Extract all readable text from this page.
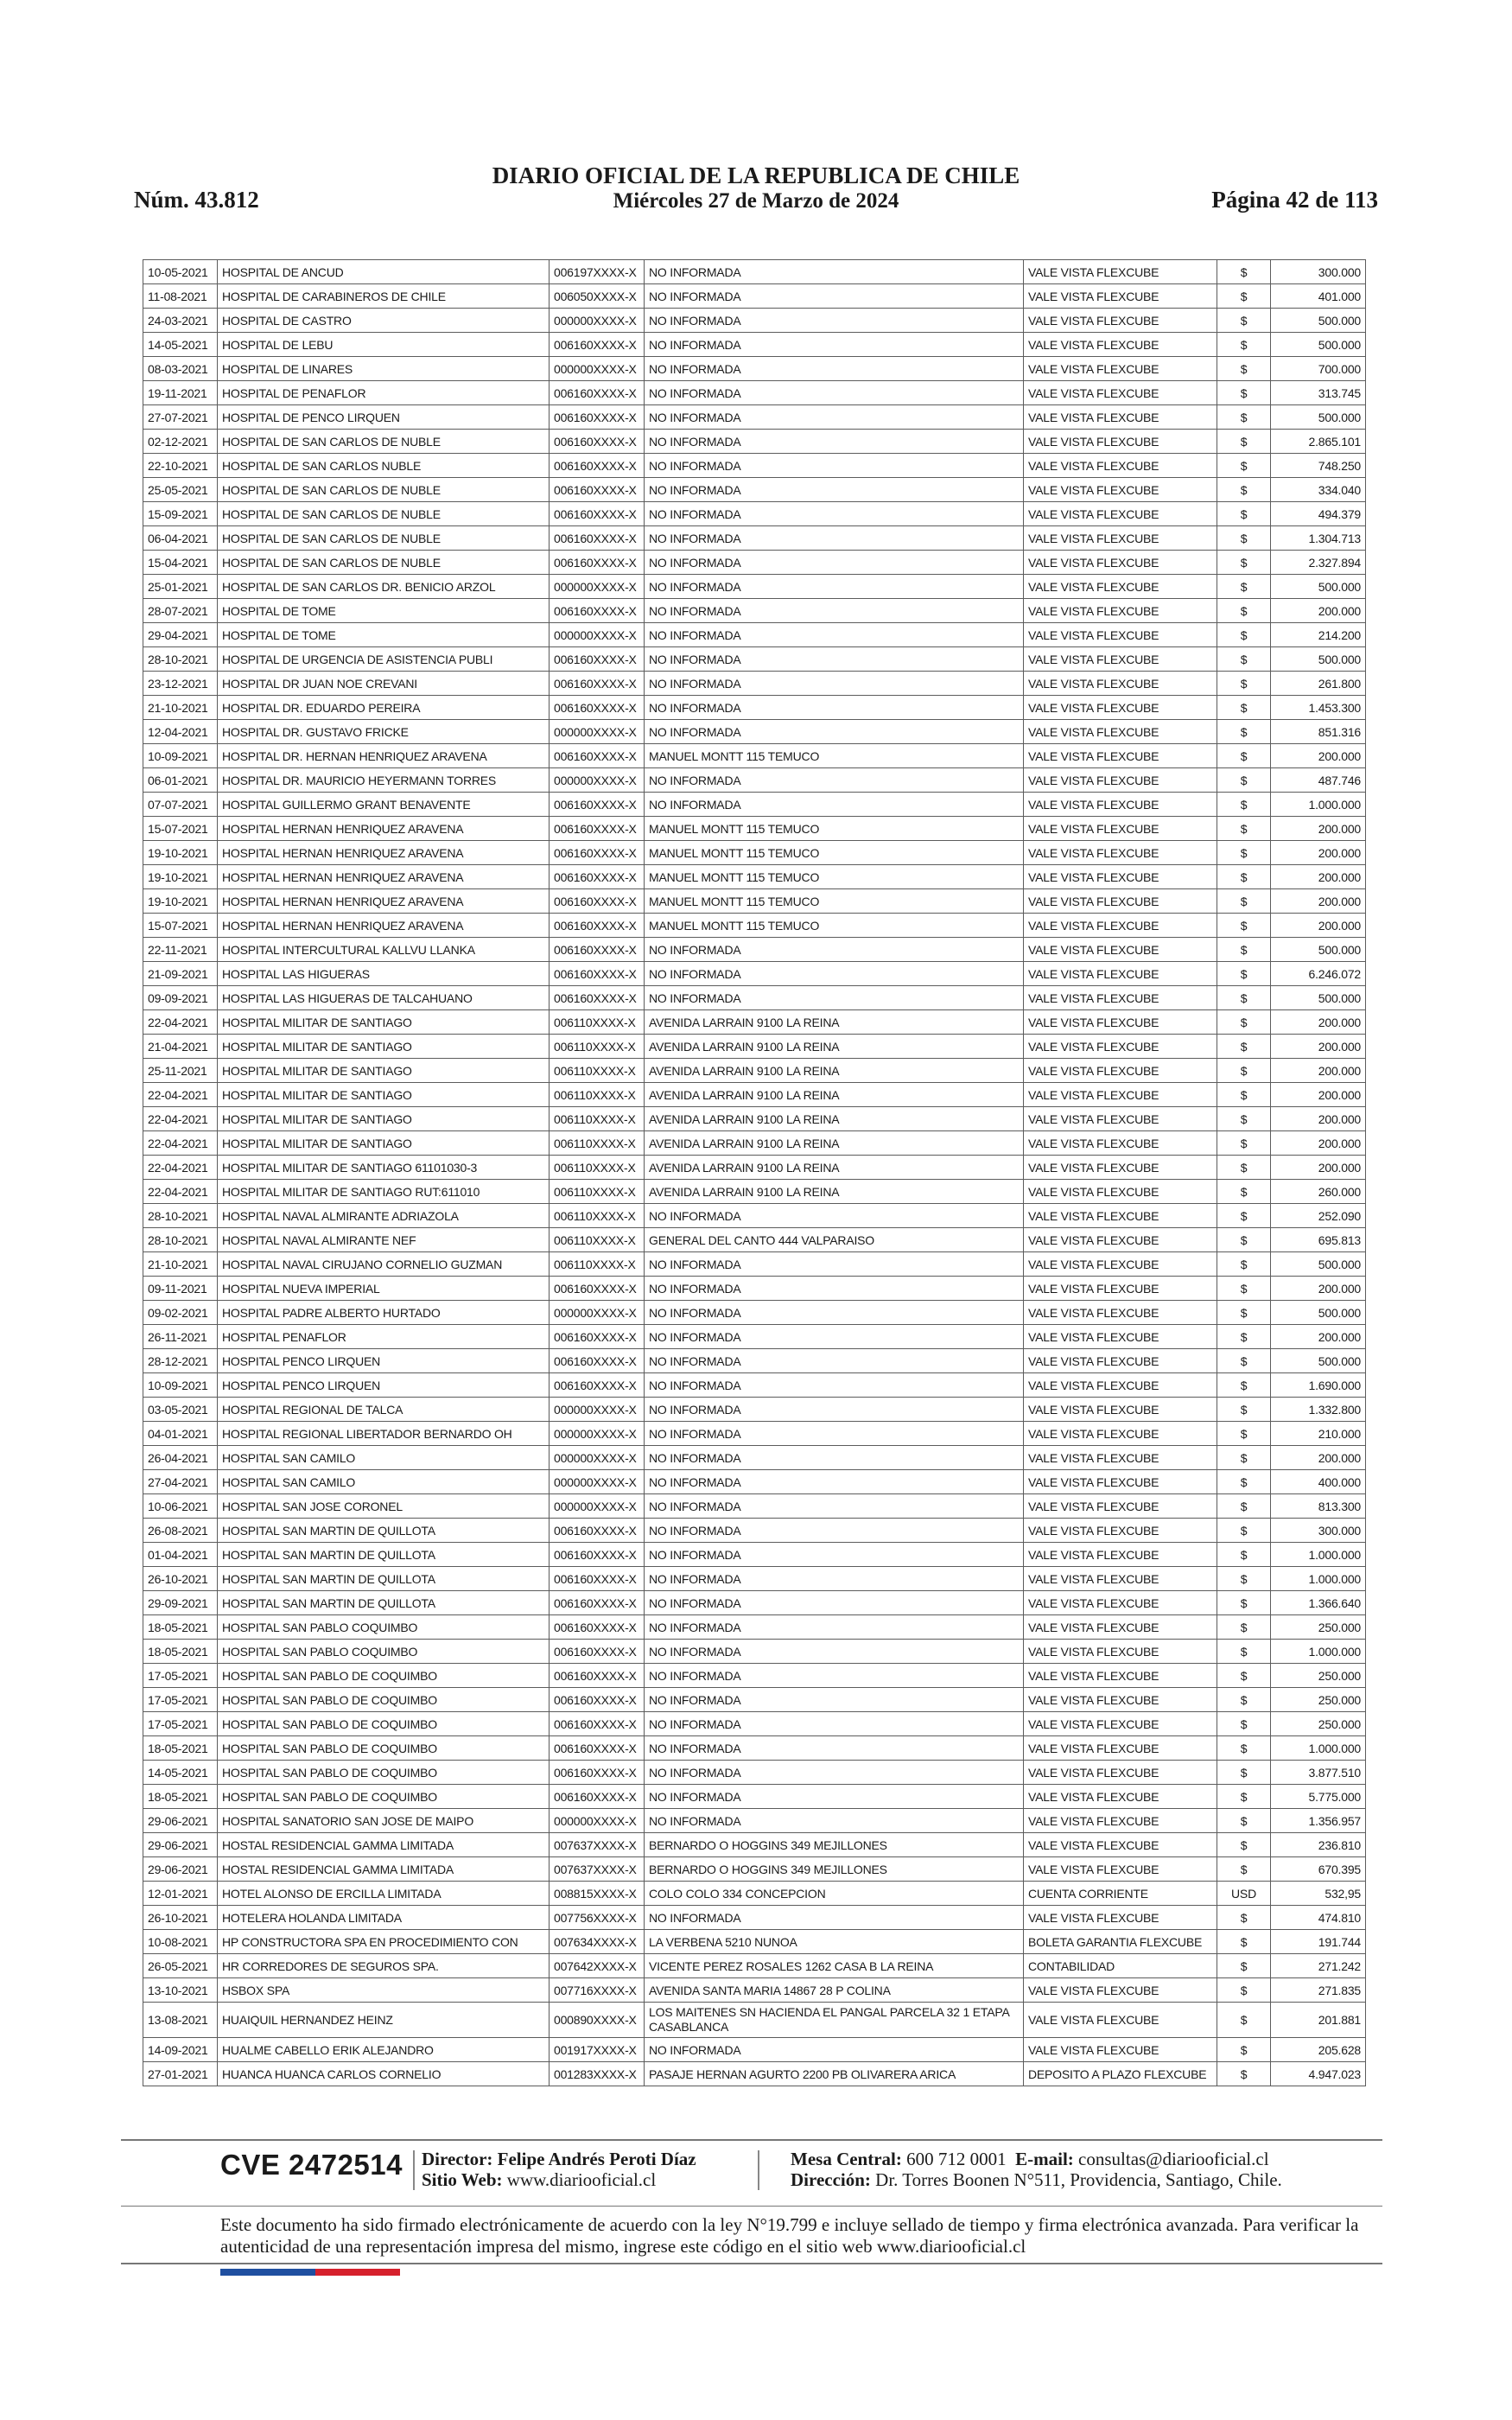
Núm. 43.812
DIARIO OFICIAL DE LA REPUBLICA DE CHILE
Miércoles 27 de Marzo de 2024	Página 42 de 113
10-05-2021	HOSPITAL DE ANCUD	006197XXXX-X	NO INFORMADA	VALE VISTA FLEXCUBE	$	300.000
11-08-2021	HOSPITAL DE CARABINEROS DE CHILE	006050XXXX-X	NO INFORMADA	VALE VISTA FLEXCUBE	$	401.000
24-03-2021	HOSPITAL DE CASTRO	000000XXXX-X	NO INFORMADA	VALE VISTA FLEXCUBE	$	500.000
14-05-2021	HOSPITAL DE LEBU	006160XXXX-X	NO INFORMADA	VALE VISTA FLEXCUBE	$	500.000
08-03-2021	HOSPITAL DE LINARES	000000XXXX-X	NO INFORMADA	VALE VISTA FLEXCUBE	$	700.000
19-11-2021	HOSPITAL DE PENAFLOR	006160XXXX-X	NO INFORMADA	VALE VISTA FLEXCUBE	$	313.745
27-07-2021	HOSPITAL DE PENCO LIRQUEN	006160XXXX-X	NO INFORMADA	VALE VISTA FLEXCUBE	$	500.000
02-12-2021	HOSPITAL DE SAN CARLOS DE NUBLE	006160XXXX-X	NO INFORMADA	VALE VISTA FLEXCUBE	$	2.865.101
22-10-2021	HOSPITAL DE SAN CARLOS NUBLE	006160XXXX-X	NO INFORMADA	VALE VISTA FLEXCUBE	$	748.250
25-05-2021	HOSPITAL DE SAN CARLOS DE NUBLE	006160XXXX-X	NO INFORMADA	VALE VISTA FLEXCUBE	$	334.040
15-09-2021	HOSPITAL DE SAN CARLOS DE NUBLE	006160XXXX-X	NO INFORMADA	VALE VISTA FLEXCUBE	$	494.379
06-04-2021	HOSPITAL DE SAN CARLOS DE NUBLE	006160XXXX-X	NO INFORMADA	VALE VISTA FLEXCUBE	$	1.304.713
15-04-2021	HOSPITAL DE SAN CARLOS DE NUBLE	006160XXXX-X	NO INFORMADA	VALE VISTA FLEXCUBE	$	2.327.894
25-01-2021	HOSPITAL DE SAN CARLOS DR. BENICIO ARZOL	000000XXXX-X	NO INFORMADA	VALE VISTA FLEXCUBE	$	500.000
28-07-2021	HOSPITAL DE TOME	006160XXXX-X	NO INFORMADA	VALE VISTA FLEXCUBE	$	200.000
29-04-2021	HOSPITAL DE TOME	000000XXXX-X	NO INFORMADA	VALE VISTA FLEXCUBE	$	214.200
28-10-2021	HOSPITAL DE URGENCIA DE ASISTENCIA PUBLI	006160XXXX-X	NO INFORMADA	VALE VISTA FLEXCUBE	$	500.000
23-12-2021	HOSPITAL DR JUAN NOE CREVANI	006160XXXX-X	NO INFORMADA	VALE VISTA FLEXCUBE	$	261.800
21-10-2021	HOSPITAL DR. EDUARDO PEREIRA	006160XXXX-X	NO INFORMADA	VALE VISTA FLEXCUBE	$	1.453.300
12-04-2021	HOSPITAL DR. GUSTAVO FRICKE	000000XXXX-X	NO INFORMADA	VALE VISTA FLEXCUBE	$	851.316
10-09-2021	HOSPITAL DR. HERNAN HENRIQUEZ ARAVENA	006160XXXX-X	MANUEL MONTT 115 TEMUCO	VALE VISTA FLEXCUBE	$	200.000
06-01-2021	HOSPITAL DR. MAURICIO HEYERMANN TORRES	000000XXXX-X	NO INFORMADA	VALE VISTA FLEXCUBE	$	487.746
07-07-2021	HOSPITAL GUILLERMO GRANT BENAVENTE	006160XXXX-X	NO INFORMADA	VALE VISTA FLEXCUBE	$	1.000.000
15-07-2021	HOSPITAL HERNAN HENRIQUEZ ARAVENA	006160XXXX-X	MANUEL MONTT 115 TEMUCO	VALE VISTA FLEXCUBE	$	200.000
19-10-2021	HOSPITAL HERNAN HENRIQUEZ ARAVENA	006160XXXX-X	MANUEL MONTT 115 TEMUCO	VALE VISTA FLEXCUBE	$	200.000
19-10-2021	HOSPITAL HERNAN HENRIQUEZ ARAVENA	006160XXXX-X	MANUEL MONTT 115 TEMUCO	VALE VISTA FLEXCUBE	$	200.000
19-10-2021	HOSPITAL HERNAN HENRIQUEZ ARAVENA	006160XXXX-X	MANUEL MONTT 115 TEMUCO	VALE VISTA FLEXCUBE	$	200.000
15-07-2021	HOSPITAL HERNAN HENRIQUEZ ARAVENA	006160XXXX-X	MANUEL MONTT 115 TEMUCO	VALE VISTA FLEXCUBE	$	200.000
22-11-2021	HOSPITAL INTERCULTURAL KALLVU LLANKA	006160XXXX-X	NO INFORMADA	VALE VISTA FLEXCUBE	$	500.000
21-09-2021	HOSPITAL LAS HIGUERAS	006160XXXX-X	NO INFORMADA	VALE VISTA FLEXCUBE	$	6.246.072
09-09-2021	HOSPITAL LAS HIGUERAS DE TALCAHUANO	006160XXXX-X	NO INFORMADA	VALE VISTA FLEXCUBE	$	500.000
22-04-2021	HOSPITAL MILITAR DE SANTIAGO	006110XXXX-X	AVENIDA LARRAIN 9100 LA REINA	VALE VISTA FLEXCUBE	$	200.000
21-04-2021	HOSPITAL MILITAR DE SANTIAGO	006110XXXX-X	AVENIDA LARRAIN 9100 LA REINA	VALE VISTA FLEXCUBE	$	200.000
25-11-2021	HOSPITAL MILITAR DE SANTIAGO	006110XXXX-X	AVENIDA LARRAIN 9100 LA REINA	VALE VISTA FLEXCUBE	$	200.000
22-04-2021	HOSPITAL MILITAR DE SANTIAGO	006110XXXX-X	AVENIDA LARRAIN 9100 LA REINA	VALE VISTA FLEXCUBE	$	200.000
22-04-2021	HOSPITAL MILITAR DE SANTIAGO	006110XXXX-X	AVENIDA LARRAIN 9100 LA REINA	VALE VISTA FLEXCUBE	$	200.000
22-04-2021	HOSPITAL MILITAR DE SANTIAGO	006110XXXX-X	AVENIDA LARRAIN 9100 LA REINA	VALE VISTA FLEXCUBE	$	200.000
22-04-2021	HOSPITAL MILITAR DE SANTIAGO 61101030-3	006110XXXX-X	AVENIDA LARRAIN 9100 LA REINA	VALE VISTA FLEXCUBE	$	200.000
22-04-2021	HOSPITAL MILITAR DE SANTIAGO RUT:611010	006110XXXX-X	AVENIDA LARRAIN 9100 LA REINA	VALE VISTA FLEXCUBE	$	260.000
28-10-2021	HOSPITAL NAVAL ALMIRANTE ADRIAZOLA	006110XXXX-X	NO INFORMADA	VALE VISTA FLEXCUBE	$	252.090
28-10-2021	HOSPITAL NAVAL ALMIRANTE NEF	006110XXXX-X	GENERAL DEL CANTO 444 VALPARAISO	VALE VISTA FLEXCUBE	$	695.813
21-10-2021	HOSPITAL NAVAL CIRUJANO CORNELIO GUZMAN	006110XXXX-X	NO INFORMADA	VALE VISTA FLEXCUBE	$	500.000
09-11-2021	HOSPITAL NUEVA IMPERIAL	006160XXXX-X	NO INFORMADA	VALE VISTA FLEXCUBE	$	200.000
09-02-2021	HOSPITAL PADRE ALBERTO HURTADO	000000XXXX-X	NO INFORMADA	VALE VISTA FLEXCUBE	$	500.000
26-11-2021	HOSPITAL PENAFLOR	006160XXXX-X	NO INFORMADA	VALE VISTA FLEXCUBE	$	200.000
28-12-2021	HOSPITAL PENCO LIRQUEN	006160XXXX-X	NO INFORMADA	VALE VISTA FLEXCUBE	$	500.000
10-09-2021	HOSPITAL PENCO LIRQUEN	006160XXXX-X	NO INFORMADA	VALE VISTA FLEXCUBE	$	1.690.000
03-05-2021	HOSPITAL REGIONAL DE TALCA	000000XXXX-X	NO INFORMADA	VALE VISTA FLEXCUBE	$	1.332.800
04-01-2021	HOSPITAL REGIONAL LIBERTADOR BERNARDO OH	000000XXXX-X	NO INFORMADA	VALE VISTA FLEXCUBE	$	210.000
26-04-2021	HOSPITAL SAN CAMILO	000000XXXX-X	NO INFORMADA	VALE VISTA FLEXCUBE	$	200.000
27-04-2021	HOSPITAL SAN CAMILO	000000XXXX-X	NO INFORMADA	VALE VISTA FLEXCUBE	$	400.000
10-06-2021	HOSPITAL SAN JOSE CORONEL	000000XXXX-X	NO INFORMADA	VALE VISTA FLEXCUBE	$	813.300
26-08-2021	HOSPITAL SAN MARTIN DE QUILLOTA	006160XXXX-X	NO INFORMADA	VALE VISTA FLEXCUBE	$	300.000
01-04-2021	HOSPITAL SAN MARTIN DE QUILLOTA	006160XXXX-X	NO INFORMADA	VALE VISTA FLEXCUBE	$	1.000.000
26-10-2021	HOSPITAL SAN MARTIN DE QUILLOTA	006160XXXX-X	NO INFORMADA	VALE VISTA FLEXCUBE	$	1.000.000
29-09-2021	HOSPITAL SAN MARTIN DE QUILLOTA	006160XXXX-X	NO INFORMADA	VALE VISTA FLEXCUBE	$	1.366.640
18-05-2021	HOSPITAL SAN PABLO COQUIMBO	006160XXXX-X	NO INFORMADA	VALE VISTA FLEXCUBE	$	250.000
18-05-2021	HOSPITAL SAN PABLO COQUIMBO	006160XXXX-X	NO INFORMADA	VALE VISTA FLEXCUBE	$	1.000.000
17-05-2021	HOSPITAL SAN PABLO DE COQUIMBO	006160XXXX-X	NO INFORMADA	VALE VISTA FLEXCUBE	$	250.000
17-05-2021	HOSPITAL SAN PABLO DE COQUIMBO	006160XXXX-X	NO INFORMADA	VALE VISTA FLEXCUBE	$	250.000
17-05-2021	HOSPITAL SAN PABLO DE COQUIMBO	006160XXXX-X	NO INFORMADA	VALE VISTA FLEXCUBE	$	250.000
18-05-2021	HOSPITAL SAN PABLO DE COQUIMBO	006160XXXX-X	NO INFORMADA	VALE VISTA FLEXCUBE	$	1.000.000
14-05-2021	HOSPITAL SAN PABLO DE COQUIMBO	006160XXXX-X	NO INFORMADA	VALE VISTA FLEXCUBE	$	3.877.510
18-05-2021	HOSPITAL SAN PABLO DE COQUIMBO	006160XXXX-X	NO INFORMADA	VALE VISTA FLEXCUBE	$	5.775.000
29-06-2021	HOSPITAL SANATORIO SAN JOSE DE MAIPO	000000XXXX-X	NO INFORMADA	VALE VISTA FLEXCUBE	$	1.356.957
29-06-2021	HOSTAL RESIDENCIAL GAMMA LIMITADA	007637XXXX-X	BERNARDO O HOGGINS 349 MEJILLONES	VALE VISTA FLEXCUBE	$	236.810
29-06-2021	HOSTAL RESIDENCIAL GAMMA LIMITADA	007637XXXX-X	BERNARDO O HOGGINS 349 MEJILLONES	VALE VISTA FLEXCUBE	$	670.395
12-01-2021	HOTEL ALONSO DE ERCILLA LIMITADA	008815XXXX-X	COLO COLO 334 CONCEPCION	CUENTA CORRIENTE	USD	532,95
26-10-2021	HOTELERA HOLANDA LIMITADA	007756XXXX-X	NO INFORMADA	VALE VISTA FLEXCUBE	$	474.810
10-08-2021	HP CONSTRUCTORA SPA EN PROCEDIMIENTO CON	007634XXXX-X	LA VERBENA 5210 NUNOA	BOLETA GARANTIA FLEXCUBE	$	191.744
26-05-2021	HR CORREDORES DE SEGUROS SPA.	007642XXXX-X	VICENTE PEREZ ROSALES 1262 CASA B LA REINA	CONTABILIDAD	$	271.242
13-10-2021	HSBOX SPA	007716XXXX-X	AVENIDA SANTA MARIA 14867 28 P COLINA	VALE VISTA FLEXCUBE	$	271.835
13-08-2021	HUAIQUIL HERNANDEZ HEINZ	000890XXXX-X	LOS MAITENES SN HACIENDA EL PANGAL PARCELA 32 1 ETAPA CASABLANCA	VALE VISTA FLEXCUBE	$	201.881
14-09-2021	HUALME CABELLO ERIK ALEJANDRO	001917XXXX-X	NO INFORMADA	VALE VISTA FLEXCUBE	$	205.628
27-01-2021	HUANCA HUANCA CARLOS CORNELIO	001283XXXX-X	PASAJE HERNAN AGURTO 2200 PB OLIVARERA ARICA	DEPOSITO A PLAZO FLEXCUBE	$	4.947.023
CVE 2472514 Director: Felipe Andrés Peroti Díaz
Sitio Web: www.diariooficial.cl
Mesa Central: 600 712 0001 E-mail: consultas@diariooficial.cl
Dirección: Dr. Torres Boonen N°511, Providencia, Santiago, Chile.
Este documento ha sido firmado electrónicamente de acuerdo con la ley N°19.799 e incluye sellado de tiempo y firma electrónica avanzada. Para verificar la autenticidad de una representación impresa del mismo, ingrese este código en el sitio web www.diariooficial.cl
